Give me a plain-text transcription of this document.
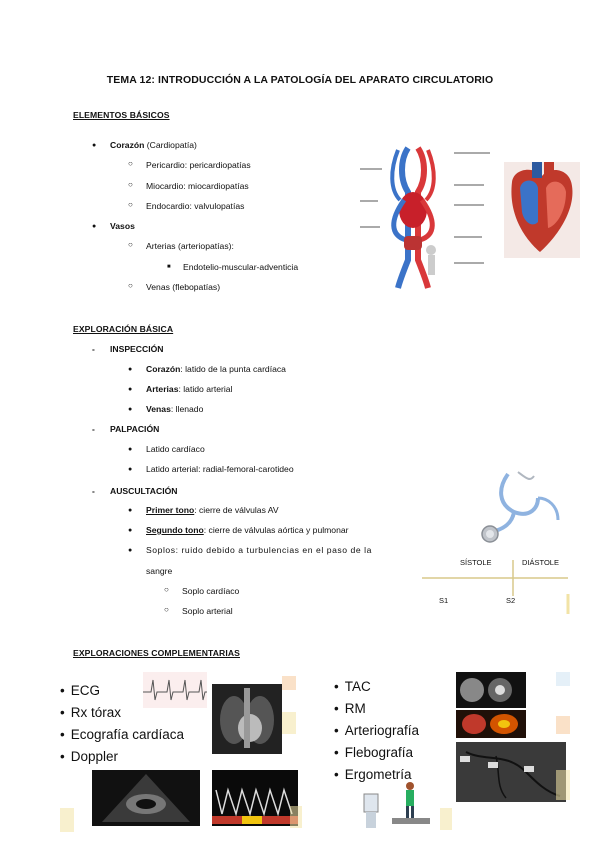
TEMA 12: INTRODUCCIÓN A LA PATOLOGÍA DEL APARATO CIRCULATORIO
ELEMENTOS BÁSICOS
● Corazón (Cardiopatía)
○ Pericardio: pericardiopatías
○ Miocardio: miocardiopatías
○ Endocardio: valvulopatías
● Vasos
○ Arterias (arteriopatías):
■ Endotelio-muscular-adventicia
○ Venas (flebopatías)
EXPLORACIÓN BÁSICA
- INSPECCIÓN
● Corazón: latido de la punta cardíaca
● Arterias: latido arterial
● Venas: llenado
- PALPACIÓN
● Latido cardíaco
● Latido arterial: radial-femoral-carotideo
- AUSCULTACIÓN
● Primer tono: cierre de válvulas AV
● Segundo tono: cierre de válvulas aórtica y pulmonar
● Soplos: ruido debido a turbulencias en el paso de la
sangre
○ Soplo cardíaco
○ Soplo arterial
SÍSTOLE	DIÁSTOLE
S1	S2
EXPLORACIONES COMPLEMENTARIAS
• ECG
• Rx tórax
• Ecografía cardíaca
• Doppler
• TAC
• RM
• Arteriografía
• Flebografía
• Ergometría
